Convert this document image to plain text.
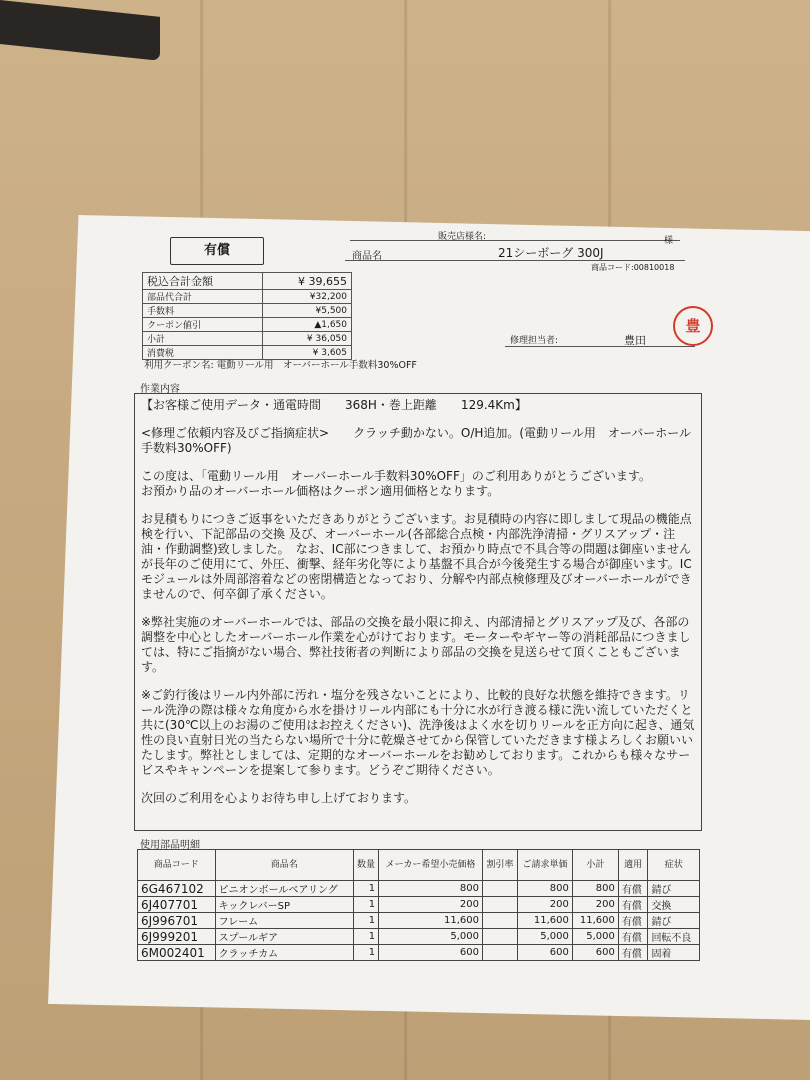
有償
販売店様名:	様
商品名	21シーボーグ 300J
商品コード:00810018
税込合計金額	¥ 39,655
部品代合計	¥32,200
手数料	¥5,500
クーポン値引	▲1,650
小計	¥ 36,050
消費税	¥ 3,605
豊
修理担当者:	豊田
利用クーポン名: 電動リール用　オーバーホール手数料30%OFF
作業内容

【お客様ご使用データ・通電時間　　368H・巻上距離　　129.4Km】

<修理ご依頼内容及びご指摘症状>　　クラッチ動かない。O/H追加。(電動リール用　オーバーホール手数料30%OFF)

この度は、「電動リール用　オーバーホール手数料30%OFF」のご利用ありがとうございます。
お預かり品のオーバーホール価格はクーポン適用価格となります。

お見積もりにつきご返事をいただきありがとうございます。お見積時の内容に即しまして現品の機能点検を行い、下記部品の交換 及び、オーバーホール(各部総合点検・内部洗浄清掃・グリスアップ・注油・作動調整)致しました。　なお、IC部につきまして、お預かり時点で不具合等の問題は御座いませんが長年のご使用にて、外圧、衝撃、経年劣化等により基盤不具合が今後発生する場合が御座います。ICモジュールは外周部溶着などの密閉構造となっており、分解や内部点検修理及びオーバーホールができませんので、何卒御了承ください。

※弊社実施のオーバーホールでは、部品の交換を最小限に抑え、内部清掃とグリスアップ及び、各部の調整を中心としたオーバーホール作業を心がけております。モーターやギヤー等の消耗部品につきましては、特にご指摘がない場合、弊社技術者の判断により部品の交換を見送らせて頂くこともございます。

※ご釣行後はリール内外部に汚れ・塩分を残さないことにより、比較的良好な状態を維持できます。リール洗浄の際は様々な角度から水を掛けリール内部にも十分に水が行き渡る様に洗い流していただくと共に(30℃以上のお湯のご使用はお控えください)、洗浄後はよく水を切りリールを正方向に起き、通気性の良い直射日光の当たらない場所で十分に乾燥させてから保管していただきます様よろしくお願いいたします。弊社としましては、定期的なオーバーホールをお勧めしております。これからも様々なサービスやキャンペーンを提案して参ります。どうぞご期待ください。

次回のご利用を心よりお待ち申し上げております。

使用部品明細
商品コード	商品名	数量	メーカー希望小売価格	割引率	ご請求単価	小計	適用	症状
6G467102	ピニオンボールベアリング	1	800		800	800	有償	錆び
6J407701	キックレバーSP	1	200		200	200	有償	交換
6J996701	フレーム	1	11,600		11,600	11,600	有償	錆び
6J999201	スプールギア	1	5,000		5,000	5,000	有償	回転不良
6M002401	クラッチカム	1	600		600	600	有償	固着
